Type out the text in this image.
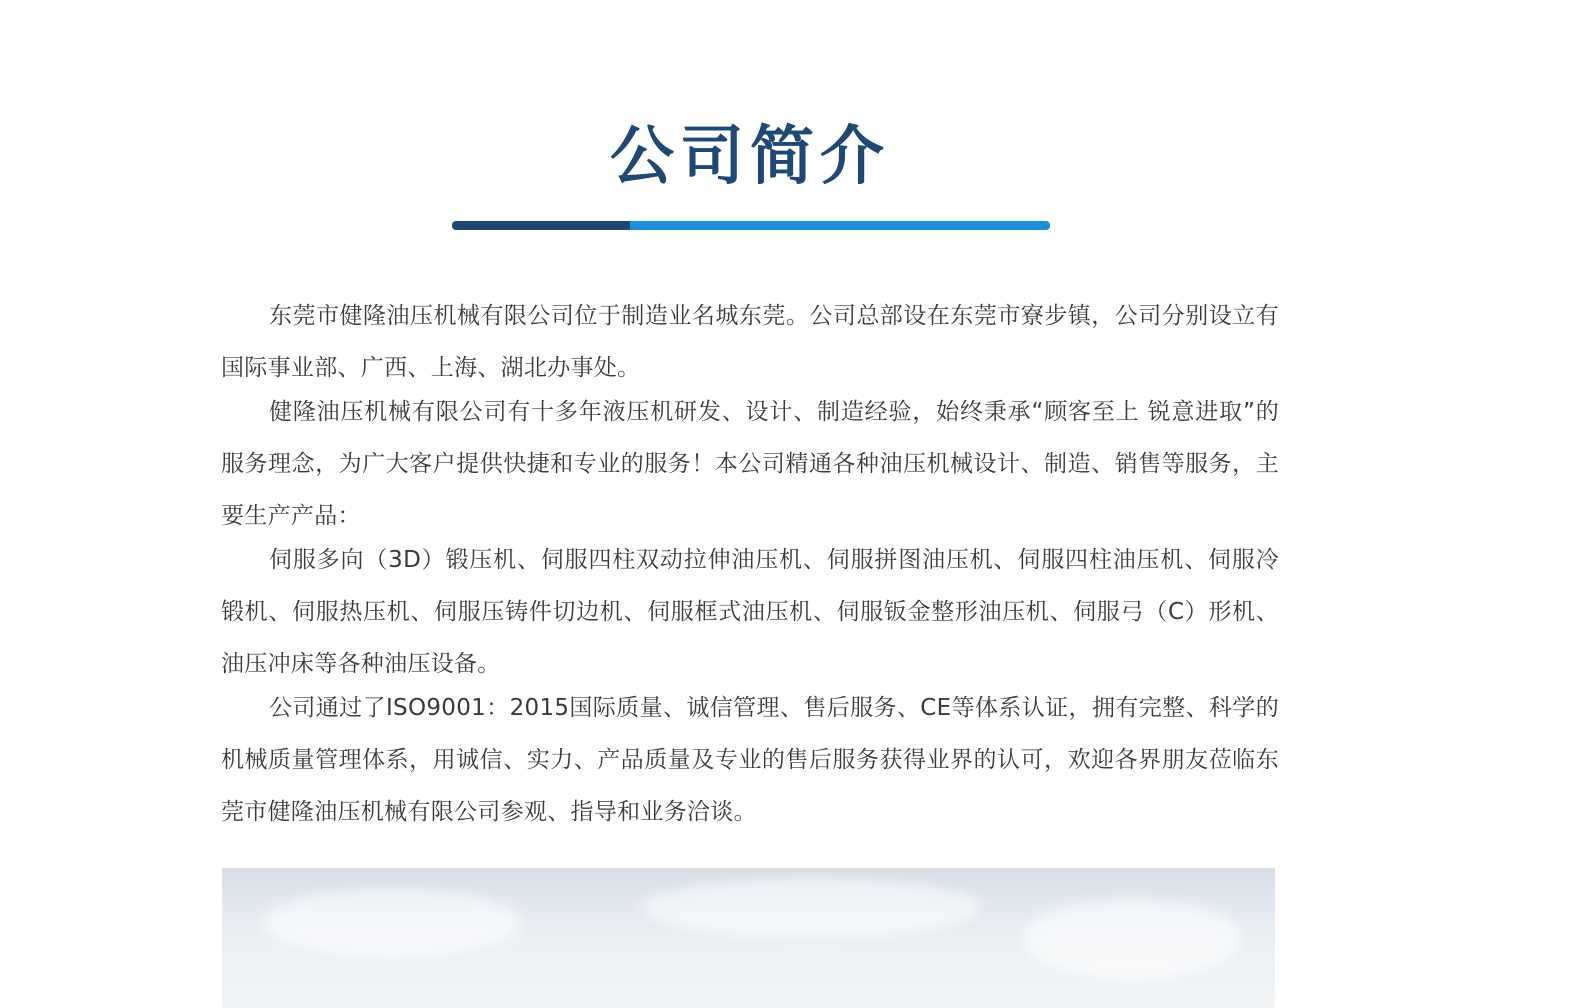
公司简介

东莞市健隆油压机械有限公司位于制造业名城东莞。公司总部设在东莞市寮步镇，公司分别设立有国际事业部、广西、上海、湖北办事处。

健隆油压机械有限公司有十多年液压机研发、设计、制造经验，始终秉承“顾客至上 锐意进取”的服务理念，为广大客户提供快捷和专业的服务！本公司精通各种油压机械设计、制造、销售等服务，主要生产产品：

伺服多向（3D）锻压机、伺服四柱双动拉伸油压机、伺服拼图油压机、伺服四柱油压机、伺服冷锻机、伺服热压机、伺服压铸件切边机、伺服框式油压机、伺服钣金整形油压机、伺服弓（C）形机、油压冲床等各种油压设备。

公司通过了ISO9001：2015国际质量、诚信管理、售后服务、CE等体系认证，拥有完整、科学的机械质量管理体系，用诚信、实力、产品质量及专业的售后服务获得业界的认可，欢迎各界朋友莅临东莞市健隆油压机械有限公司参观、指导和业务洽谈。
